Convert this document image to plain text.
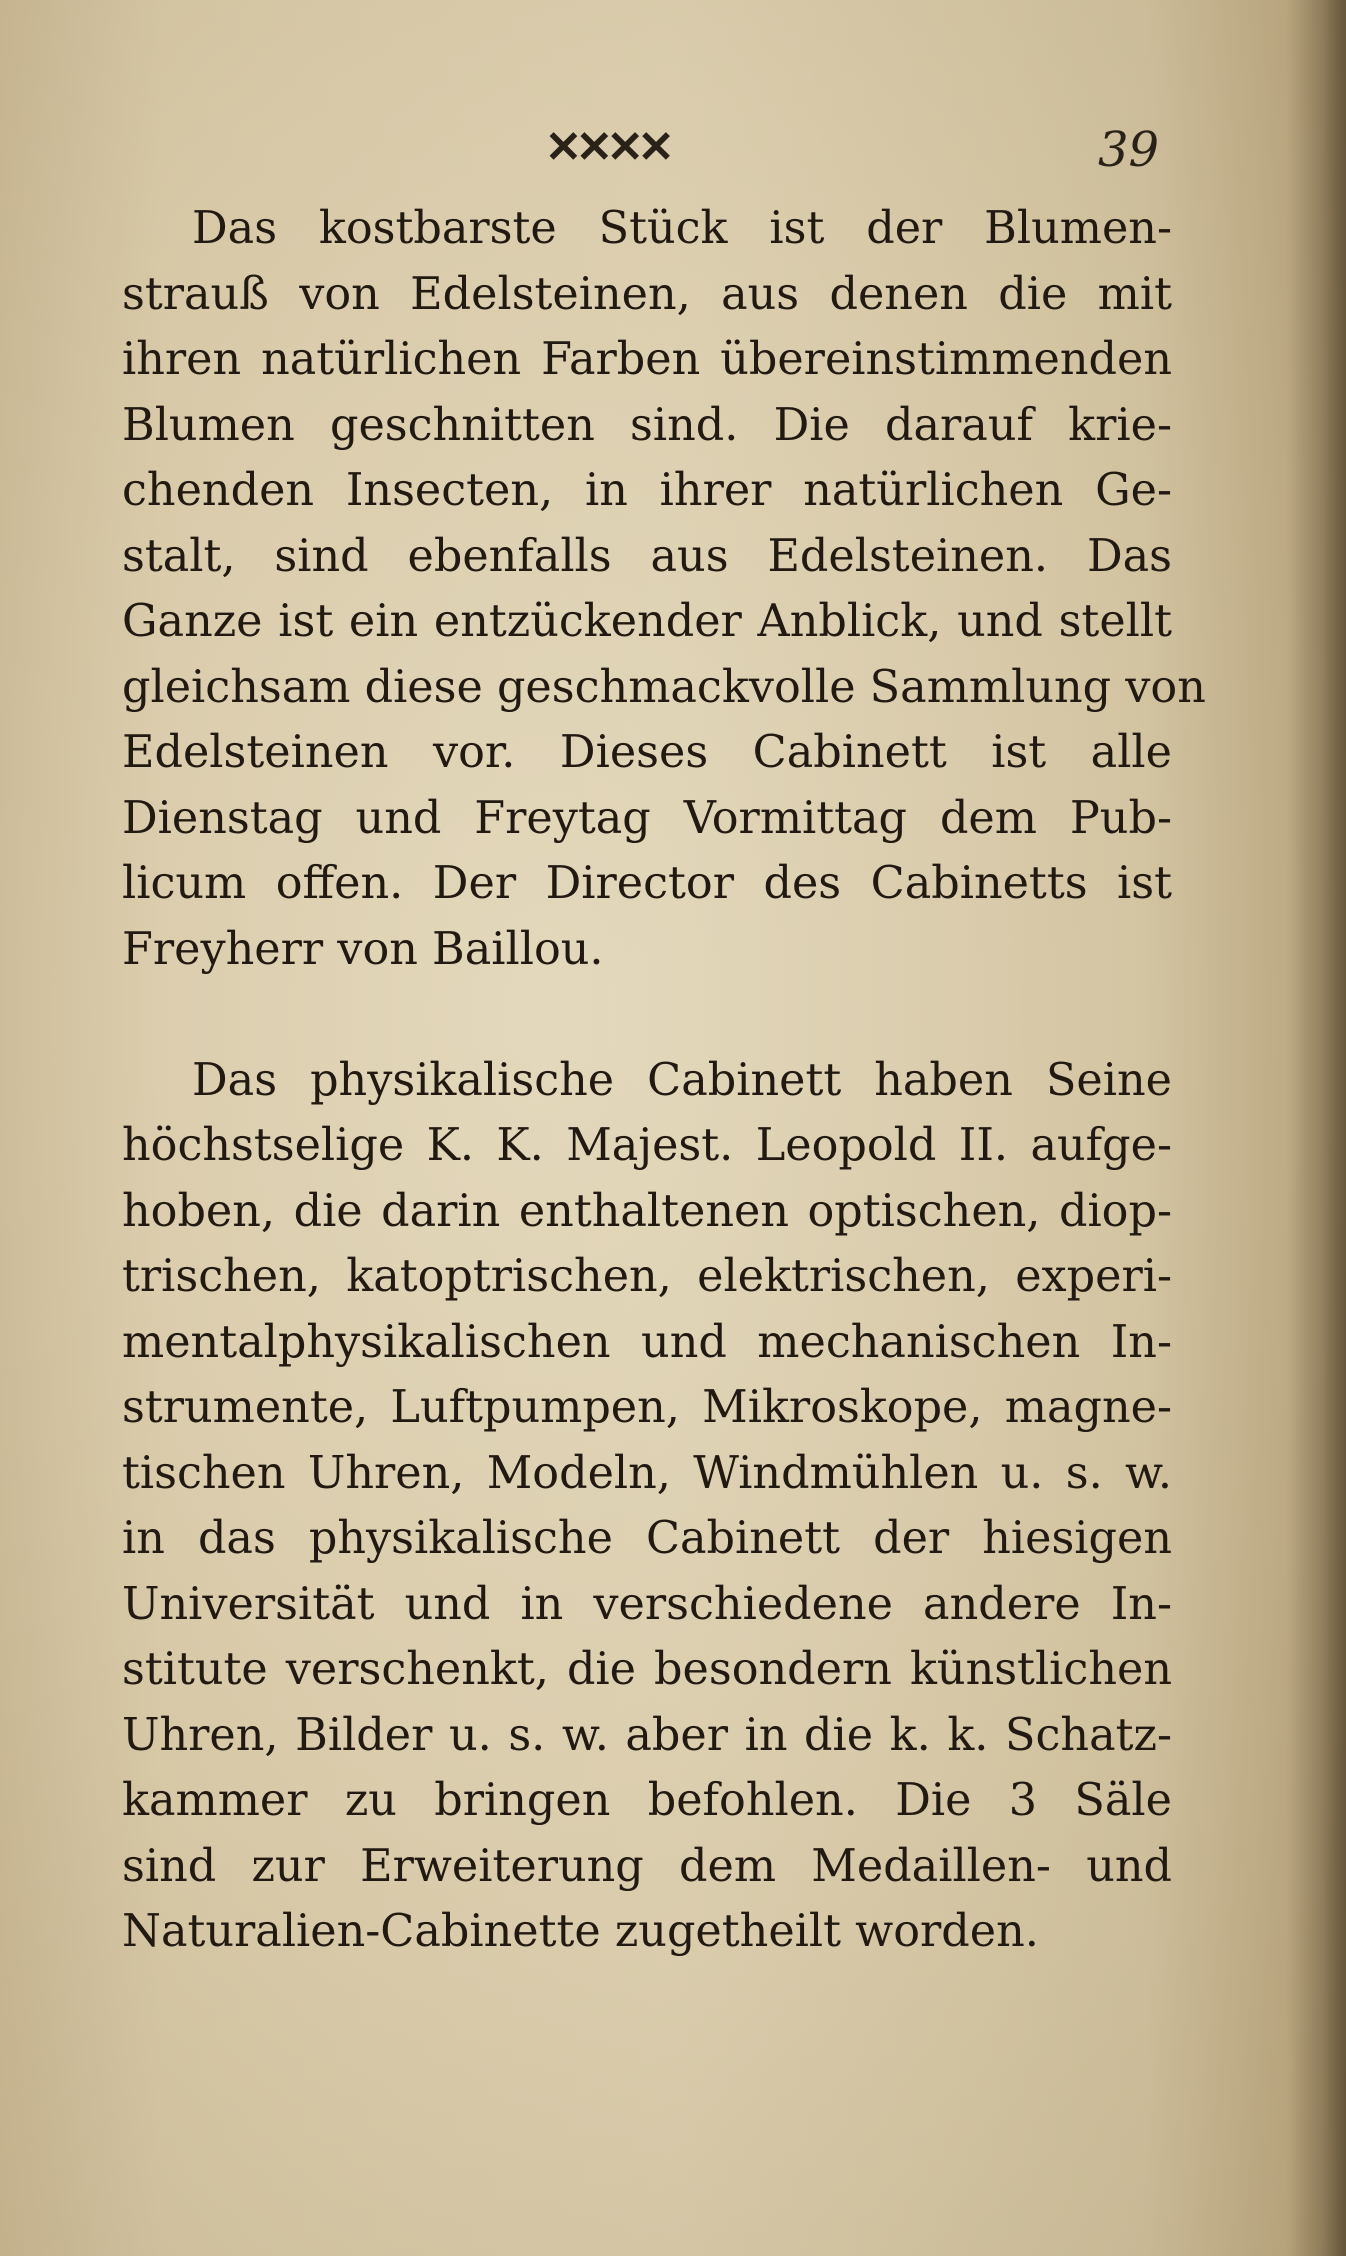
✕✕✕✕	39
Das kostbarste Stück ist der Blumen-
strauß von Edelsteinen, aus denen die mit
ihren natürlichen Farben übereinstimmenden
Blumen geschnitten sind. Die darauf krie-
chenden Insecten, in ihrer natürlichen Ge-
stalt, sind ebenfalls aus Edelsteinen. Das
Ganze ist ein entzückender Anblick, und stellt
gleichsam diese geschmackvolle Sammlung von
Edelsteinen vor. Dieses Cabinett ist alle
Dienstag und Freytag Vormittag dem Pub-
licum offen. Der Director des Cabinetts ist
Freyherr von Baillou.
Das physikalische Cabinett haben Seine
höchstselige K. K. Majest. Leopold II. aufge-
hoben, die darin enthaltenen optischen, diop-
trischen, katoptrischen, elektrischen, experi-
mentalphysikalischen und mechanischen In-
strumente, Luftpumpen, Mikroskope, magne-
tischen Uhren, Modeln, Windmühlen u. s. w.
in das physikalische Cabinett der hiesigen
Universität und in verschiedene andere In-
stitute verschenkt, die besondern künstlichen
Uhren, Bilder u. s. w. aber in die k. k. Schatz-
kammer zu bringen befohlen. Die 3 Säle
sind zur Erweiterung dem Medaillen- und
Naturalien-Cabinette zugetheilt worden.
